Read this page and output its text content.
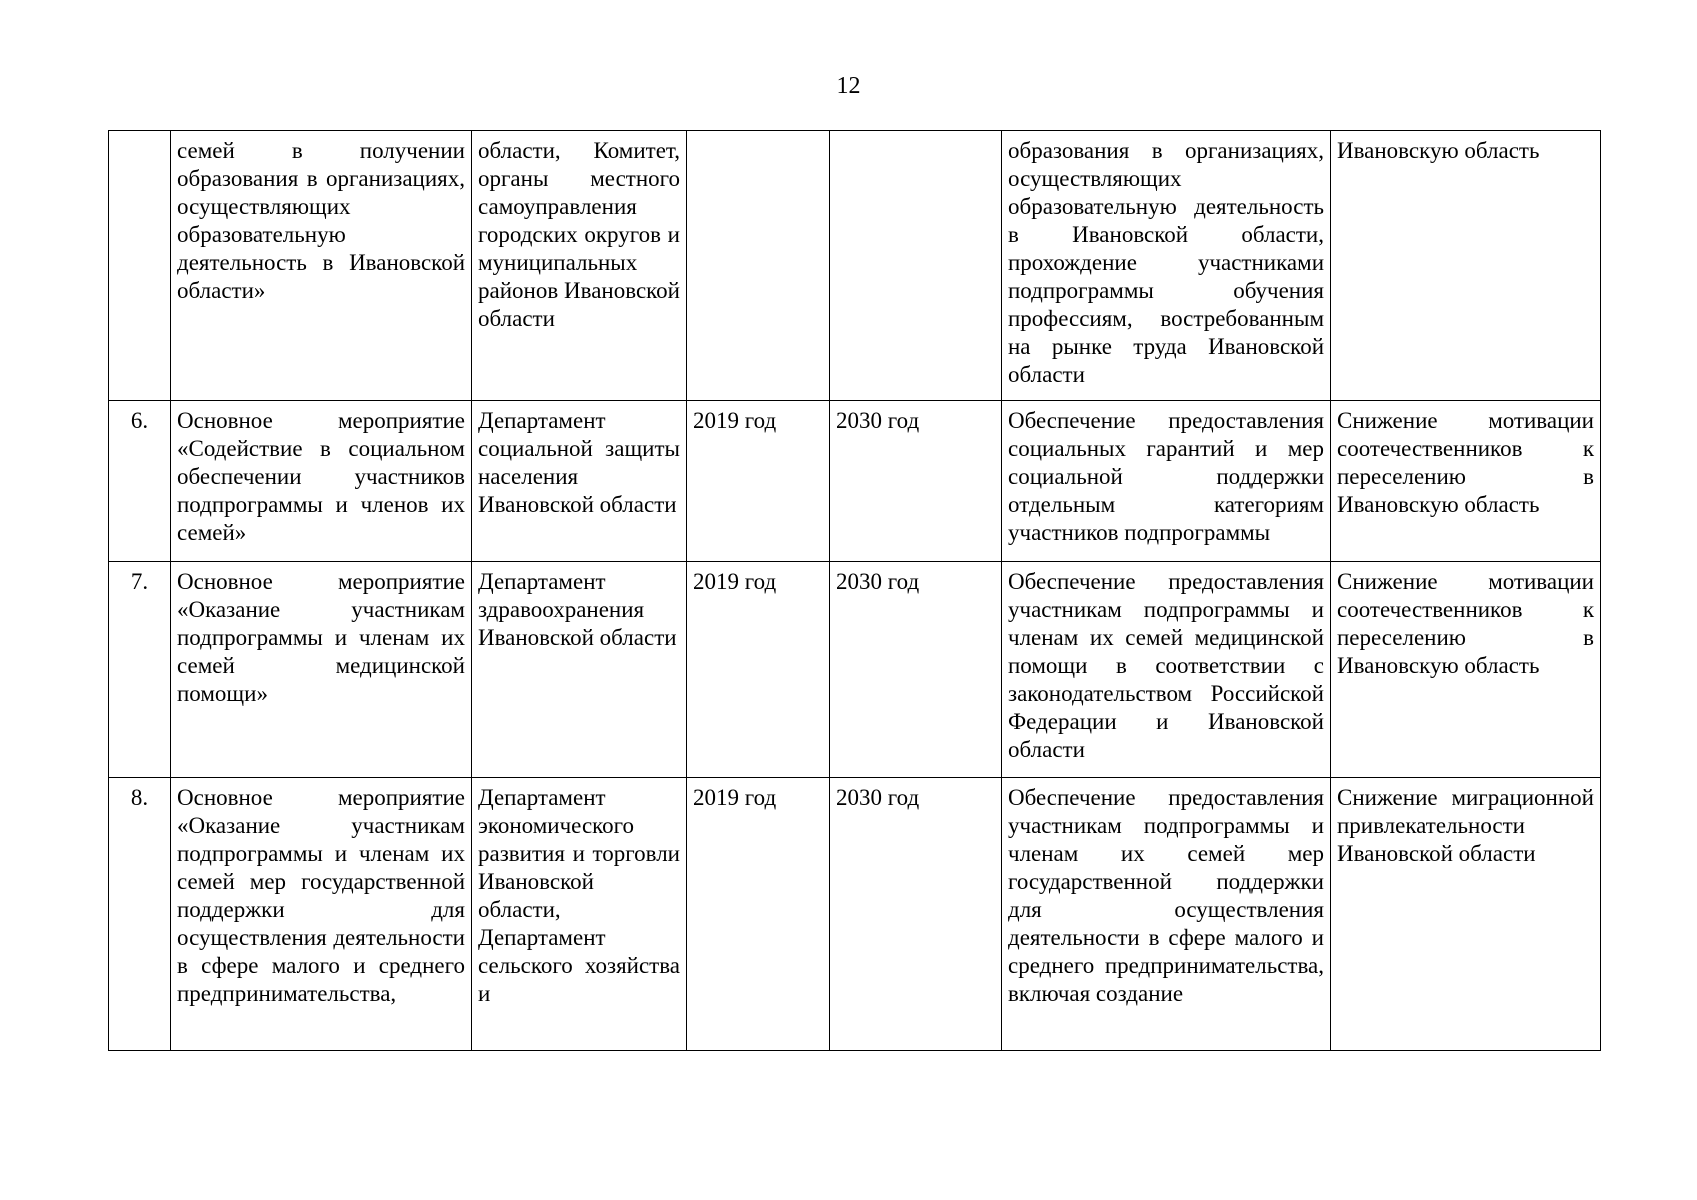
12
	семей в получении образования в организациях, осуществляющих образовательную деятельность в Ивановской области»	области, Комитет, органы местного самоуправления городских округов и муниципальных районов Ивановской области			образования в организациях, осуществляющих образовательную деятельность в Ивановской области, прохождение участниками подпрограммы обучения профессиям, востребованным на рынке труда Ивановской области	Ивановскую область
6.	Основное мероприятие «Содействие в социальном обеспечении участников подпрограммы и членов их семей»	Департамент социальной защиты населения Ивановской области	2019 год	2030 год	Обеспечение предоставления социальных гарантий и мер социальной поддержки отдельным категориям участников подпрограммы	Снижение мотивации соотечественников к переселению в Ивановскую область
7.	Основное мероприятие «Оказание участникам подпрограммы и членам их семей медицинской помощи»	Департамент здравоохранения Ивановской области	2019 год	2030 год	Обеспечение предоставления участникам подпрограммы и членам их семей медицинской помощи в соответствии с законодательством Российской Федерации и Ивановской области	Снижение мотивации соотечественников к переселению в Ивановскую область
8.	Основное мероприятие «Оказание участникам подпрограммы и членам их семей мер государственной поддержки для осуществления деятельности в сфере малого и среднего предпринимательства,	Департамент экономического развития и торговли Ивановской области, Департамент сельского хозяйства и	2019 год	2030 год	Обеспечение предоставления участникам подпрограммы и членам их семей мер государственной поддержки для осуществления деятельности в сфере малого и среднего предпринимательства, включая создание	Снижение миграционной привлекательности Ивановской области
